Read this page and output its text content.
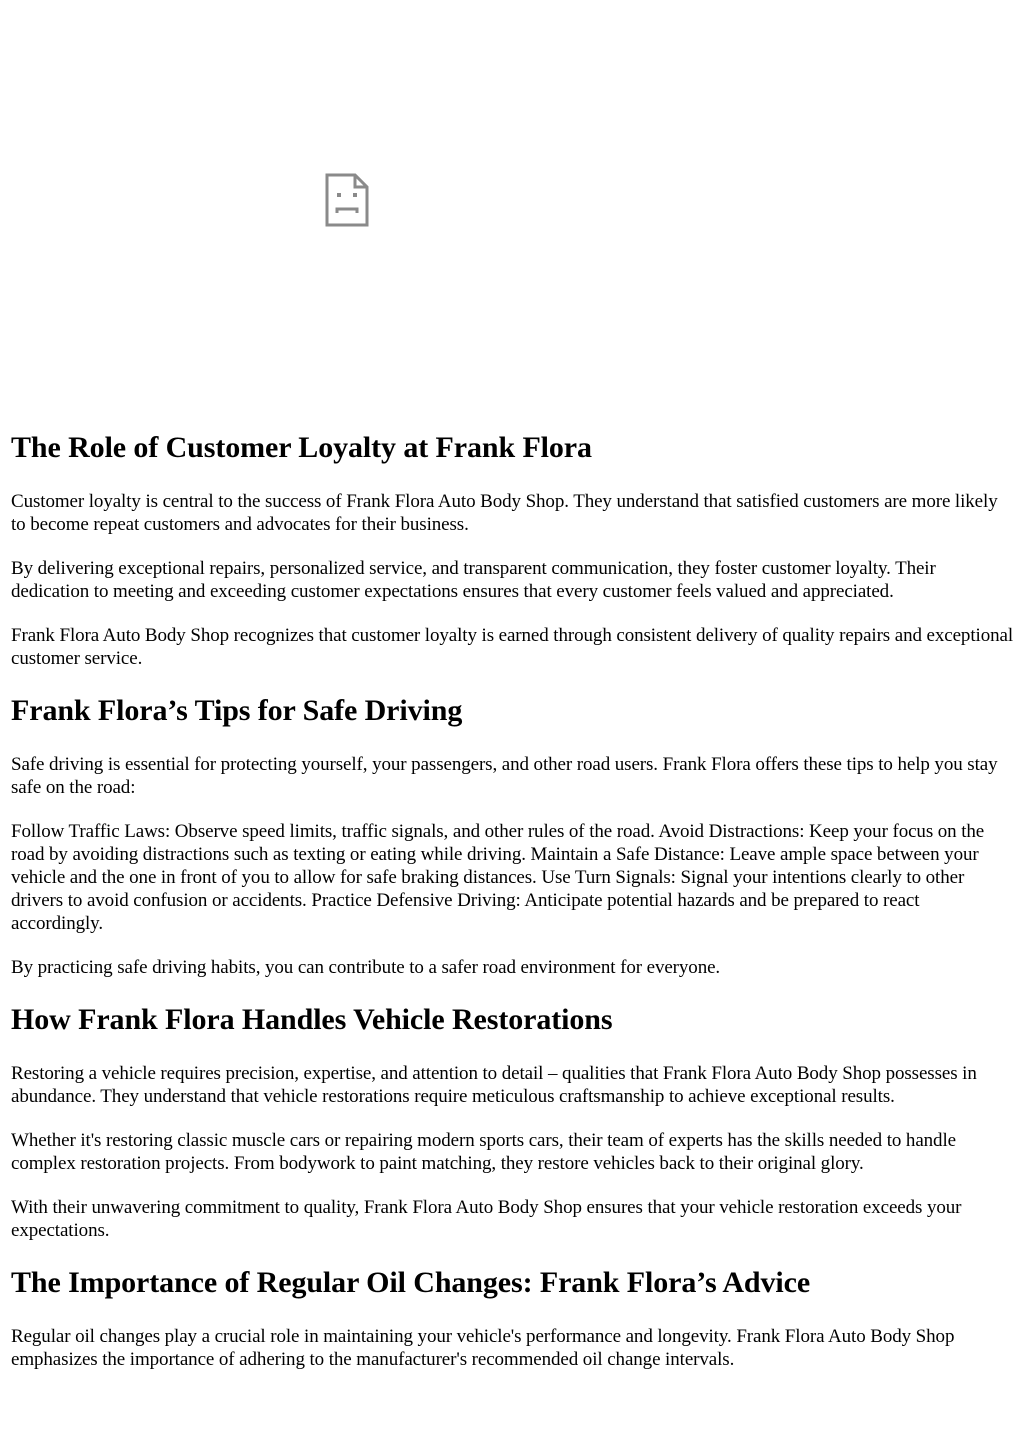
The Role of Customer Loyalty at Frank Flora

Customer loyalty is central to the success of Frank Flora Auto Body Shop. They understand that satisfied customers are more likely to become repeat customers and advocates for their business.

By delivering exceptional repairs, personalized service, and transparent communication, they foster customer loyalty. Their dedication to meeting and exceeding customer expectations ensures that every customer feels valued and appreciated.

Frank Flora Auto Body Shop recognizes that customer loyalty is earned through consistent delivery of quality repairs and exceptional customer service.

Frank Flora’s Tips for Safe Driving

Safe driving is essential for protecting yourself, your passengers, and other road users. Frank Flora offers these tips to help you stay safe on the road:

Follow Traffic Laws: Observe speed limits, traffic signals, and other rules of the road. Avoid Distractions: Keep your focus on the road by avoiding distractions such as texting or eating while driving. Maintain a Safe Distance: Leave ample space between your vehicle and the one in front of you to allow for safe braking distances. Use Turn Signals: Signal your intentions clearly to other drivers to avoid confusion or accidents. Practice Defensive Driving: Anticipate potential hazards and be prepared to react accordingly.

By practicing safe driving habits, you can contribute to a safer road environment for everyone.

How Frank Flora Handles Vehicle Restorations

Restoring a vehicle requires precision, expertise, and attention to detail – qualities that Frank Flora Auto Body Shop possesses in abundance. They understand that vehicle restorations require meticulous craftsmanship to achieve exceptional results.

Whether it's restoring classic muscle cars or repairing modern sports cars, their team of experts has the skills needed to handle complex restoration projects. From bodywork to paint matching, they restore vehicles back to their original glory.

With their unwavering commitment to quality, Frank Flora Auto Body Shop ensures that your vehicle restoration exceeds your expectations.

The Importance of Regular Oil Changes: Frank Flora’s Advice

Regular oil changes play a crucial role in maintaining your vehicle's performance and longevity. Frank Flora Auto Body Shop emphasizes the importance of adhering to the manufacturer's recommended oil change intervals.
